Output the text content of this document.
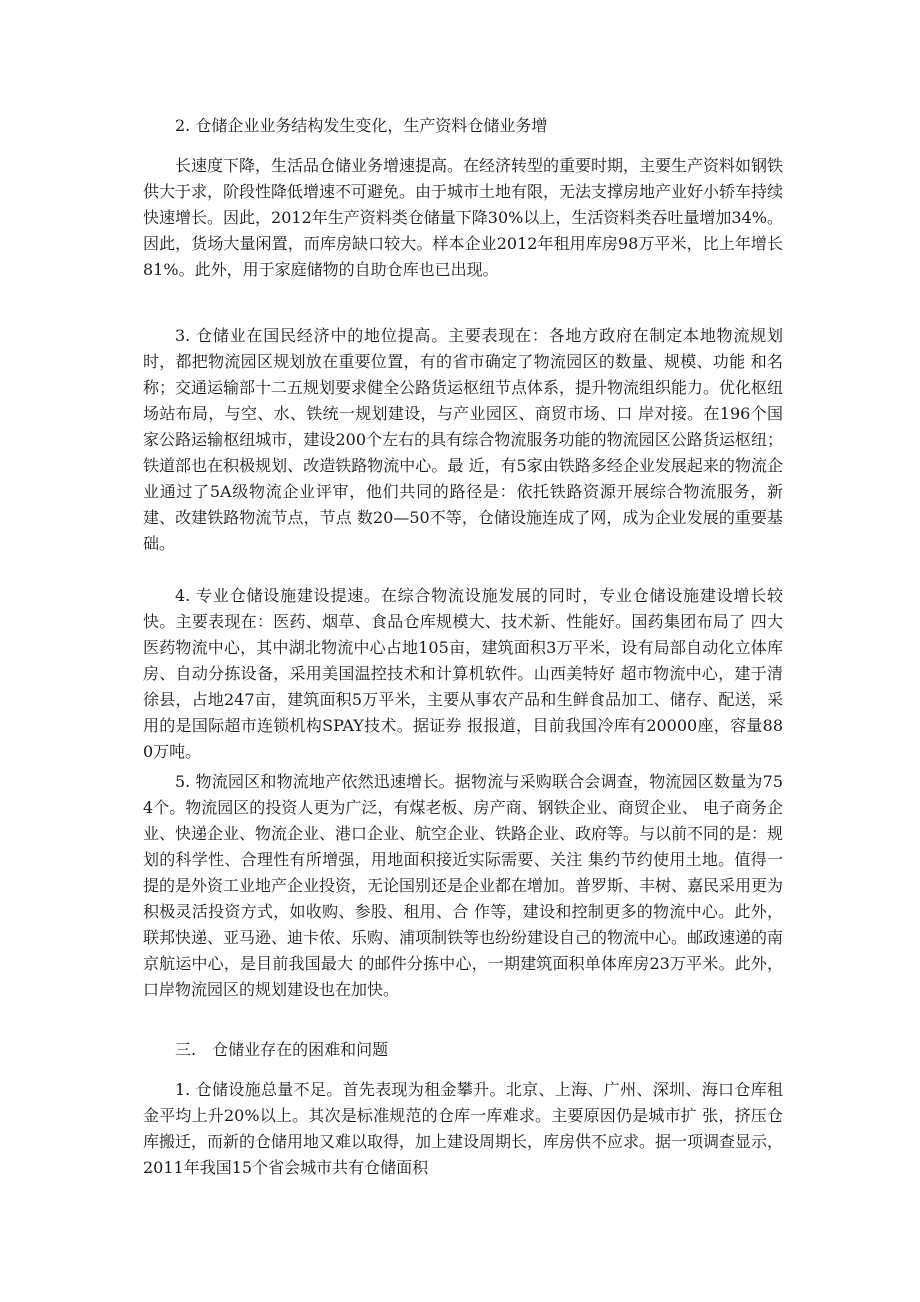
2. 仓储企业业务结构发生变化，生产资料仓储业务增

长速度下降，生活品仓储业务增速提高。在经济转型的重要时期，主要生产资料如钢铁供大于求，阶段性降低增速不可避免。由于城市土地有限，无法支撑房地产业好小轿车持续快速增长。因此，2012年生产资料类仓储量下降30%以上，生活资料类吞吐量增加34%。因此，货场大量闲置，而库房缺口较大。样本企业2012年租用库房98万平米，比上年增长81%。此外，用于家庭储物的自助仓库也已出现。

3. 仓储业在国民经济中的地位提高。主要表现在：各地方政府在制定本地物流规划时，都把物流园区规划放在重要位置，有的省市确定了物流园区的数量、规模、功能 和名称；交通运输部十二五规划要求健全公路货运枢纽节点体系，提升物流组织能力。优化枢纽场站布局，与空、水、铁统一规划建设，与产业园区、商贸市场、口 岸对接。在196个国家公路运输枢纽城市，建设200个左右的具有综合物流服务功能的物流园区公路货运枢纽；铁道部也在积极规划、改造铁路物流中心。最 近，有5家由铁路多经企业发展起来的物流企业通过了5A级物流企业评审，他们共同的路径是：依托铁路资源开展综合物流服务，新建、改建铁路物流节点，节点 数20—50不等，仓储设施连成了网，成为企业发展的重要基础。

4. 专业仓储设施建设提速。在综合物流设施发展的同时，专业仓储设施建设增长较快。主要表现在：医药、烟草、食品仓库规模大、技术新、性能好。国药集团布局了 四大医药物流中心，其中湖北物流中心占地105亩，建筑面积3万平米，设有局部自动化立体库房、自动分拣设备，采用美国温控技术和计算机软件。山西美特好 超市物流中心，建于清徐县，占地247亩，建筑面积5万平米，主要从事农产品和生鲜食品加工、储存、配送，采用的是国际超市连锁机构SPAY技术。据证券 报报道，目前我国冷库有20000座，容量880万吨。

5. 物流园区和物流地产依然迅速增长。据物流与采购联合会调查，物流园区数量为754个。物流园区的投资人更为广泛，有煤老板、房产商、钢铁企业、商贸企业、 电子商务企业、快递企业、物流企业、港口企业、航空企业、铁路企业、政府等。与以前不同的是：规划的科学性、合理性有所增强，用地面积接近实际需要、关注 集约节约使用土地。值得一提的是外资工业地产企业投资，无论国别还是企业都在增加。普罗斯、丰树、嘉民采用更为积极灵活投资方式，如收购、参股、租用、合 作等，建设和控制更多的物流中心。此外，联邦快递、亚马逊、迪卡侬、乐购、浦项制铁等也纷纷建设自己的物流中心。邮政速递的南京航运中心，是目前我国最大 的邮件分拣中心，一期建筑面积单体库房23万平米。此外，口岸物流园区的规划建设也在加快。

三.　仓储业存在的困难和问题

1. 仓储设施总量不足。首先表现为租金攀升。北京、上海、广州、深圳、海口仓库租金平均上升20%以上。其次是标准规范的仓库一库难求。主要原因仍是城市扩 张，挤压仓库搬迁，而新的仓储用地又难以取得，加上建设周期长，库房供不应求。据一项调查显示，2011年我国15个省会城市共有仓储面积
